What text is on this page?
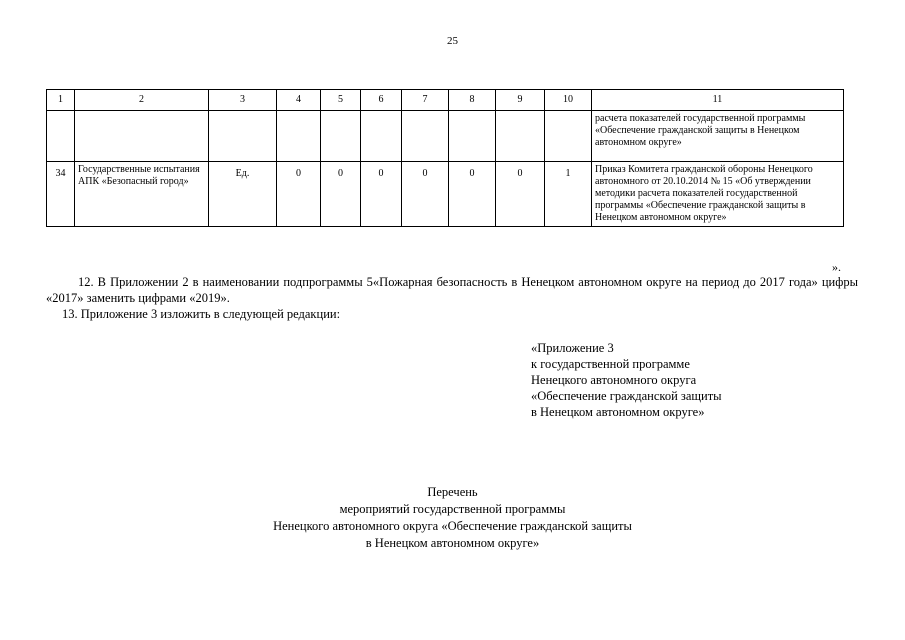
25
1	2	3	4	5	6	7	8	9	10	11
										расчета показателей государственной программы «Обеспечение гражданской защиты в Ненецком автономном округе»
34	Государственные испытания АПК «Безопасный город»	Ед.	0	0	0	0	0	0	1	Приказ Комитета гражданской обороны Ненецкого автономного от 20.10.2014 № 15 «Об утверждении методики расчета показателей государственной программы «Обеспечение гражданской защиты в Ненецком автономном округе»
».
12. В Приложении 2 в наименовании подпрограммы 5«Пожарная безопасность в Ненецком автономном округе на период до 2017 года» цифры «2017» заменить цифрами «2019».
13. Приложение 3 изложить в следующей редакции:
«Приложение 3
к государственной программе
Ненецкого автономного округа
«Обеспечение гражданской защиты
в Ненецком автономном округе»
Перечень
мероприятий государственной программы
Ненецкого автономного округа «Обеспечение гражданской защиты
в Ненецком автономном округе»
